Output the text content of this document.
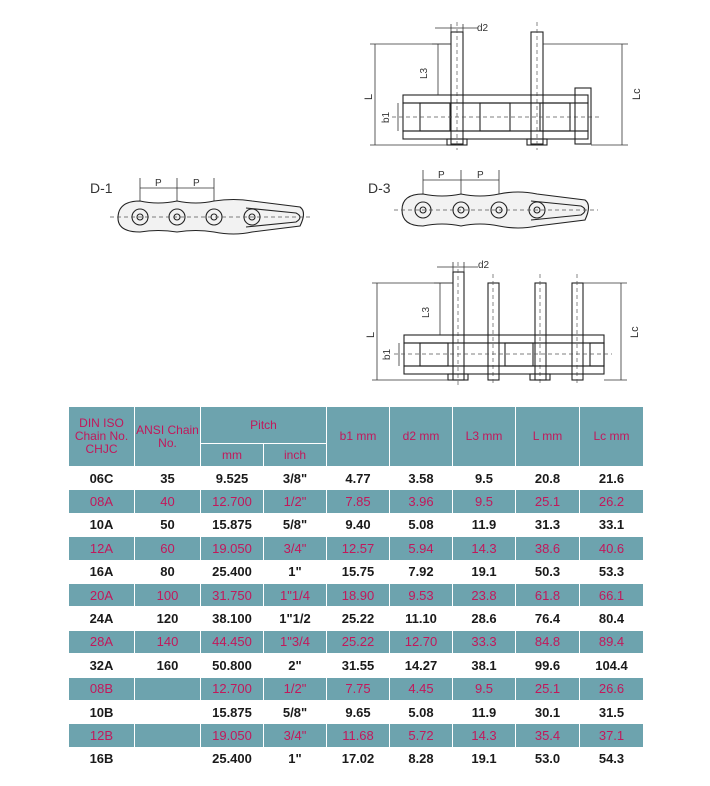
d2
L3
L	Lc
b1
D-1	P	P	D-3
P	P
d2
L3
L	Lc
b1
DIN ISO Chain No. CHJC	ANSI Chain No.	Pitch		b1 mm	d2 mm	L3 mm	L mm	Lc mm
		mm	inch					
06C	35	9.525	3/8"	4.77	3.58	9.5	20.8	21.6
08A	40	12.700	1/2"	7.85	3.96	9.5	25.1	26.2
10A	50	15.875	5/8"	9.40	5.08	11.9	31.3	33.1
12A	60	19.050	3/4"	12.57	5.94	14.3	38.6	40.6
16A	80	25.400	1"	15.75	7.92	19.1	50.3	53.3
20A	100	31.750	1"1/4	18.90	9.53	23.8	61.8	66.1
24A	120	38.100	1"1/2	25.22	11.10	28.6	76.4	80.4
28A	140	44.450	1"3/4	25.22	12.70	33.3	84.8	89.4
32A	160	50.800	2"	31.55	14.27	38.1	99.6	104.4
08B		12.700	1/2"	7.75	4.45	9.5	25.1	26.6
10B		15.875	5/8"	9.65	5.08	11.9	30.1	31.5
12B		19.050	3/4"	11.68	5.72	14.3	35.4	37.1
16B		25.400	1"	17.02	8.28	19.1	53.0	54.3
